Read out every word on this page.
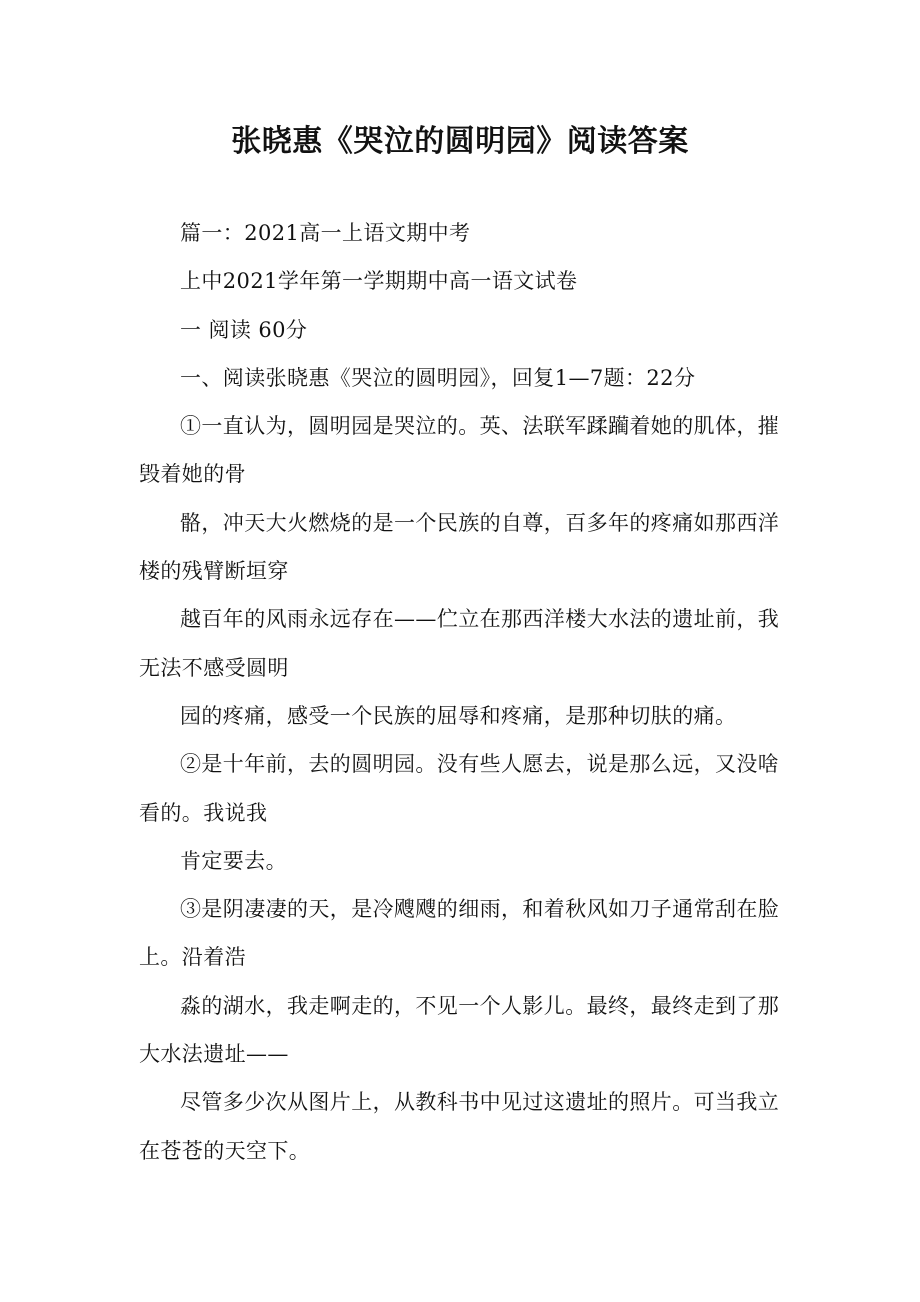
张晓惠《哭泣的圆明园》阅读答案
篇一：2021高一上语文期中考
上中2021学年第一学期期中高一语文试卷
一 阅读 60分
一、阅读张晓惠《哭泣的圆明园》，回复1—7题：22分
①一直认为，圆明园是哭泣的。英、法联军蹂躏着她的肌体，摧
毁着她的骨
骼，冲天大火燃烧的是一个民族的自尊，百多年的疼痛如那西洋
楼的残臂断垣穿
越百年的风雨永远存在——伫立在那西洋楼大水法的遗址前，我
无法不感受圆明
园的疼痛，感受一个民族的屈辱和疼痛，是那种切肤的痛。
②是十年前，去的圆明园。没有些人愿去，说是那么远，又没啥
看的。我说我
肯定要去。
③是阴凄凄的天，是冷飕飕的细雨，和着秋风如刀子通常刮在脸
上。沿着浩
淼的湖水，我走啊走的，不见一个人影儿。最终，最终走到了那
大水法遗址——
尽管多少次从图片上，从教科书中见过这遗址的照片。可当我立
在苍苍的天空下。
